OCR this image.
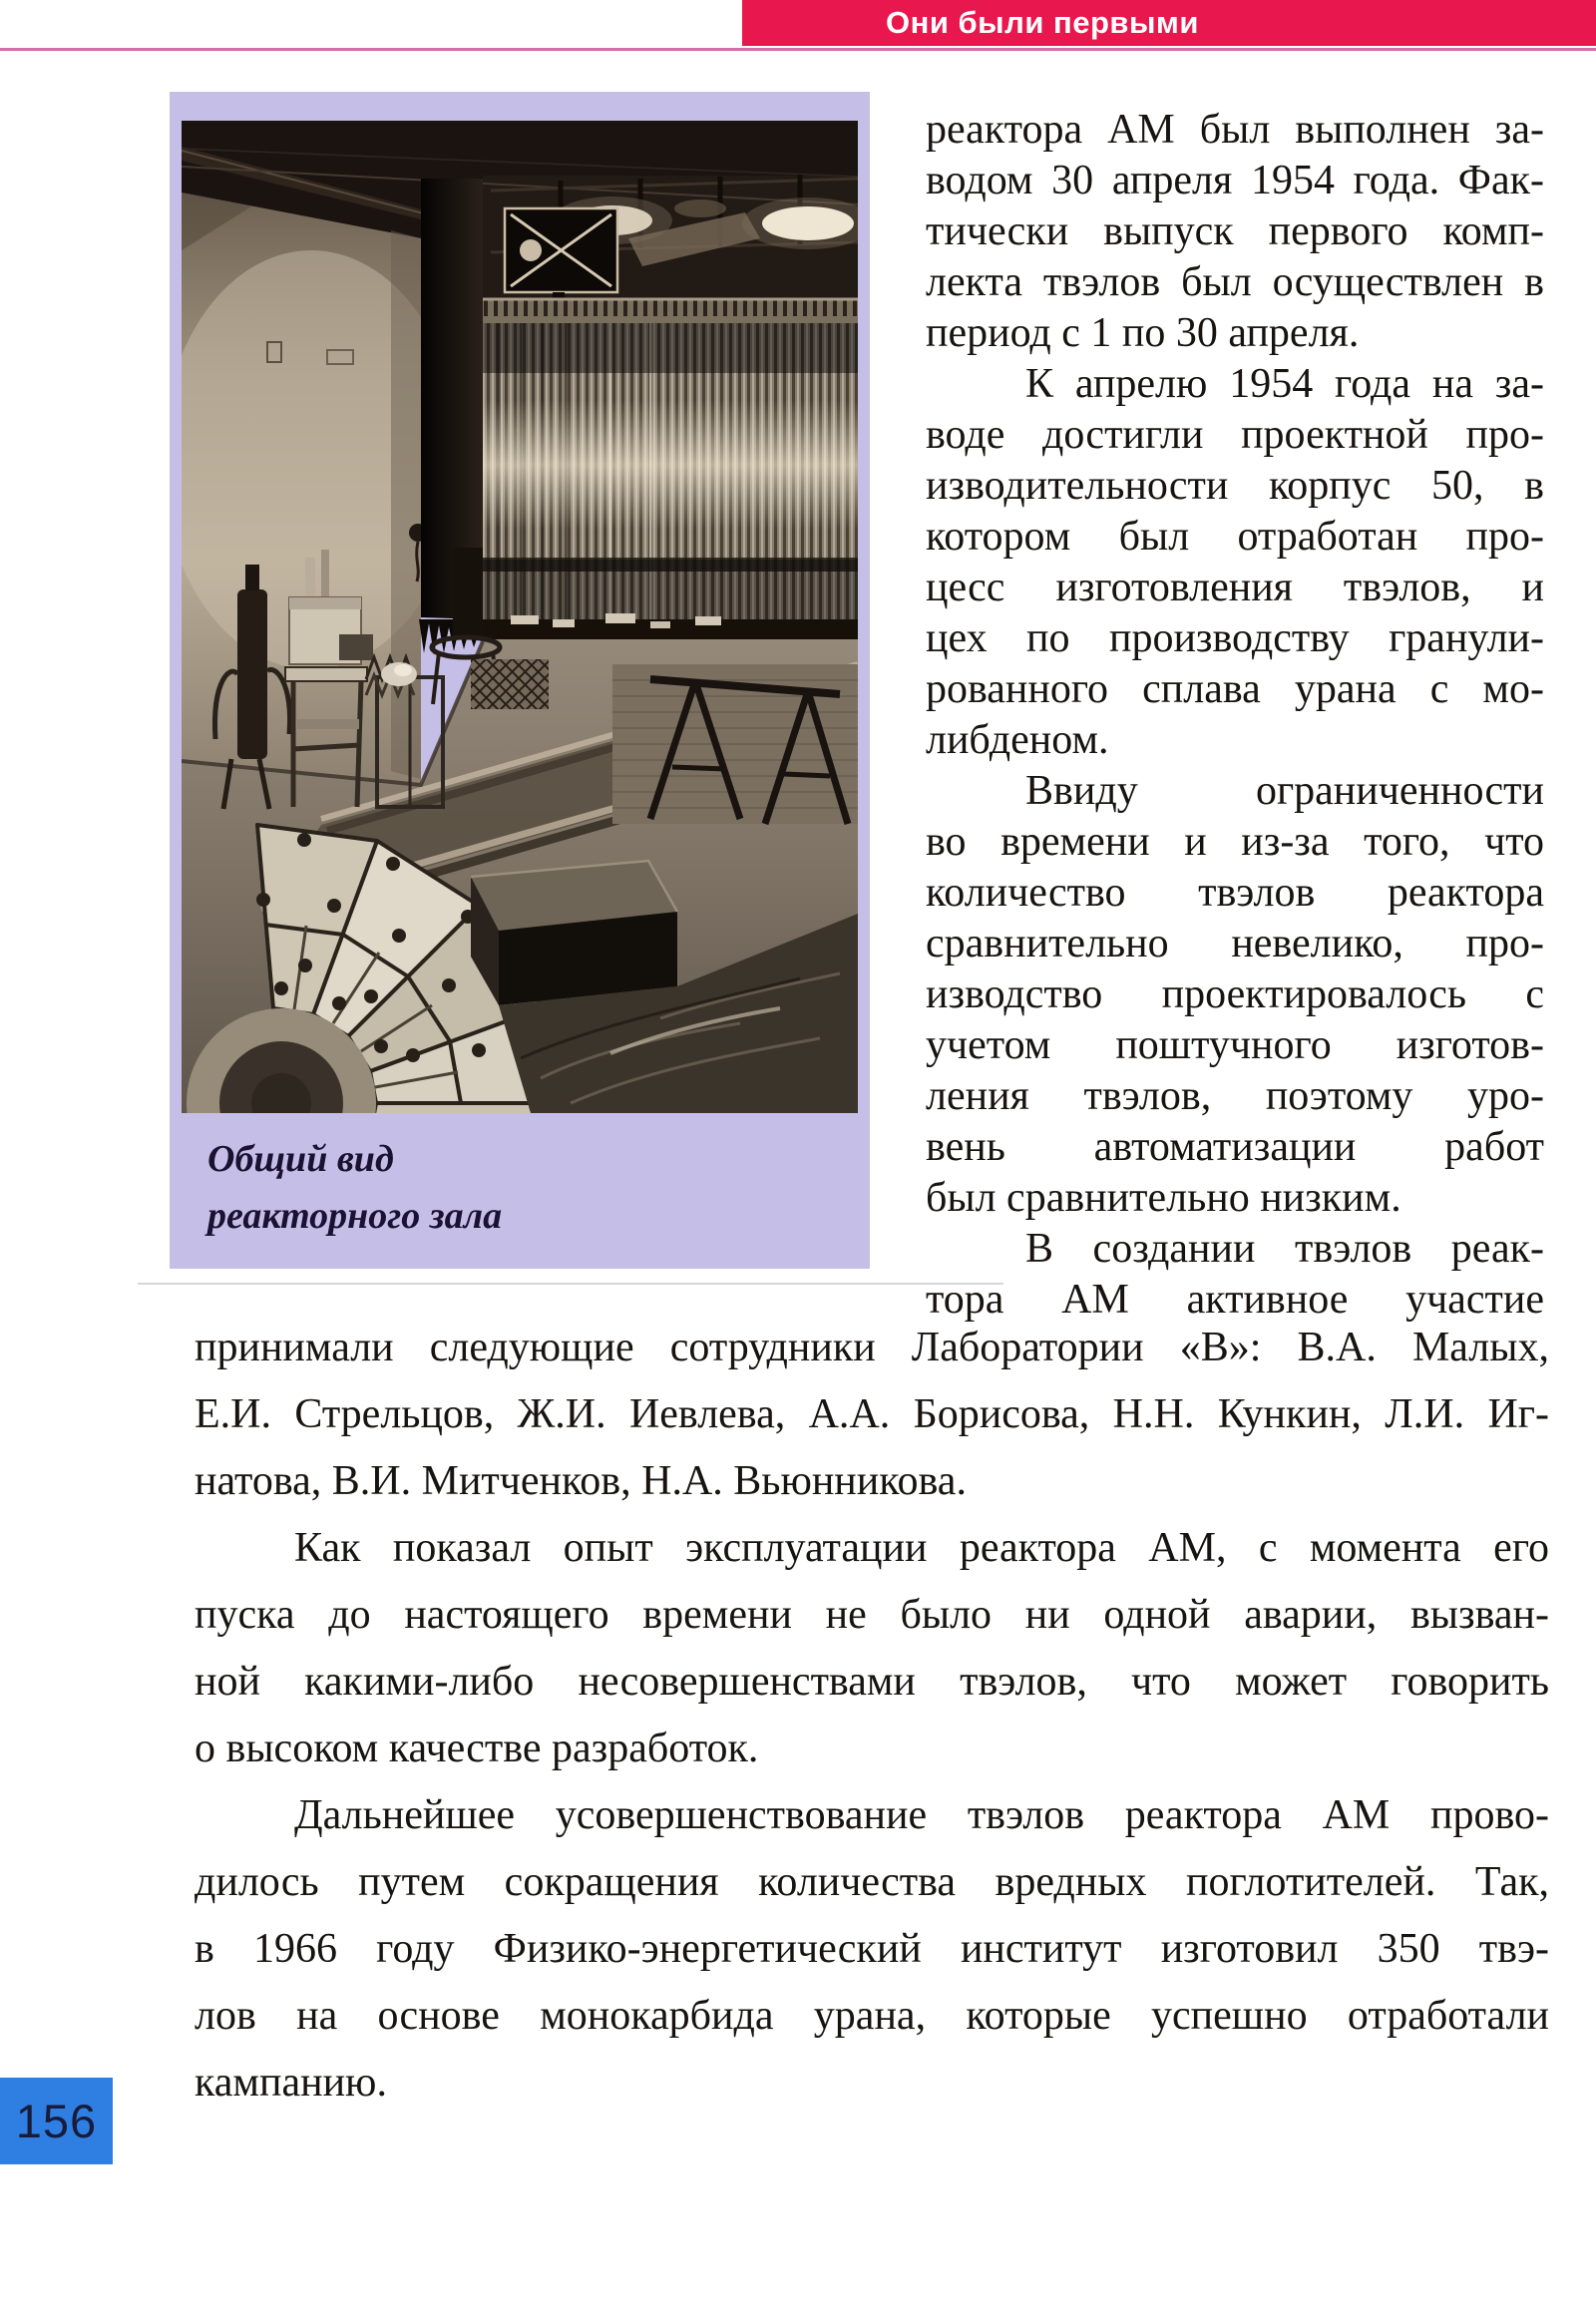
Они были первыми
Общий вид
реакторного зала
реактора АМ был выполнен за-
водом 30 апреля 1954 года. Фак-
тически выпуск первого комп-
лекта твэлов был осуществлен в
период с 1 по 30 апреля.
К апрелю 1954 года на за-
воде достигли проектной про-
изводительности корпус 50, в
котором был отработан про-
цесс изготовления твэлов, и
цех по производству гранули-
рованного сплава урана с мо-
либденом.
Ввиду ограниченности
во времени и из-за того, что
количество твэлов реактора
сравнительно невелико, про-
изводство проектировалось с
учетом поштучного изготов-
ления твэлов, поэтому уро-
вень автоматизации работ
был сравнительно низким.
В создании твэлов реак-
тора АМ активное участие
принимали следующие сотрудники Лаборатории «В»: В.А. Малых,
Е.И. Стрельцов, Ж.И. Иевлева, А.А. Борисова, Н.Н. Кункин, Л.И. Иг-
натова, В.И. Митченков, Н.А. Вьюнникова.
Как показал опыт эксплуатации реактора АМ, с момента его
пуска до настоящего времени не было ни одной аварии, вызван-
ной какими-либо несовершенствами твэлов, что может говорить
о высоком качестве разработок.
Дальнейшее усовершенствование твэлов реактора АМ прово-
дилось путем сокращения количества вредных поглотителей. Так,
в 1966 году Физико-энергетический институт изготовил 350 твэ-
лов на основе монокарбида урана, которые успешно отработали
кампанию.
156
